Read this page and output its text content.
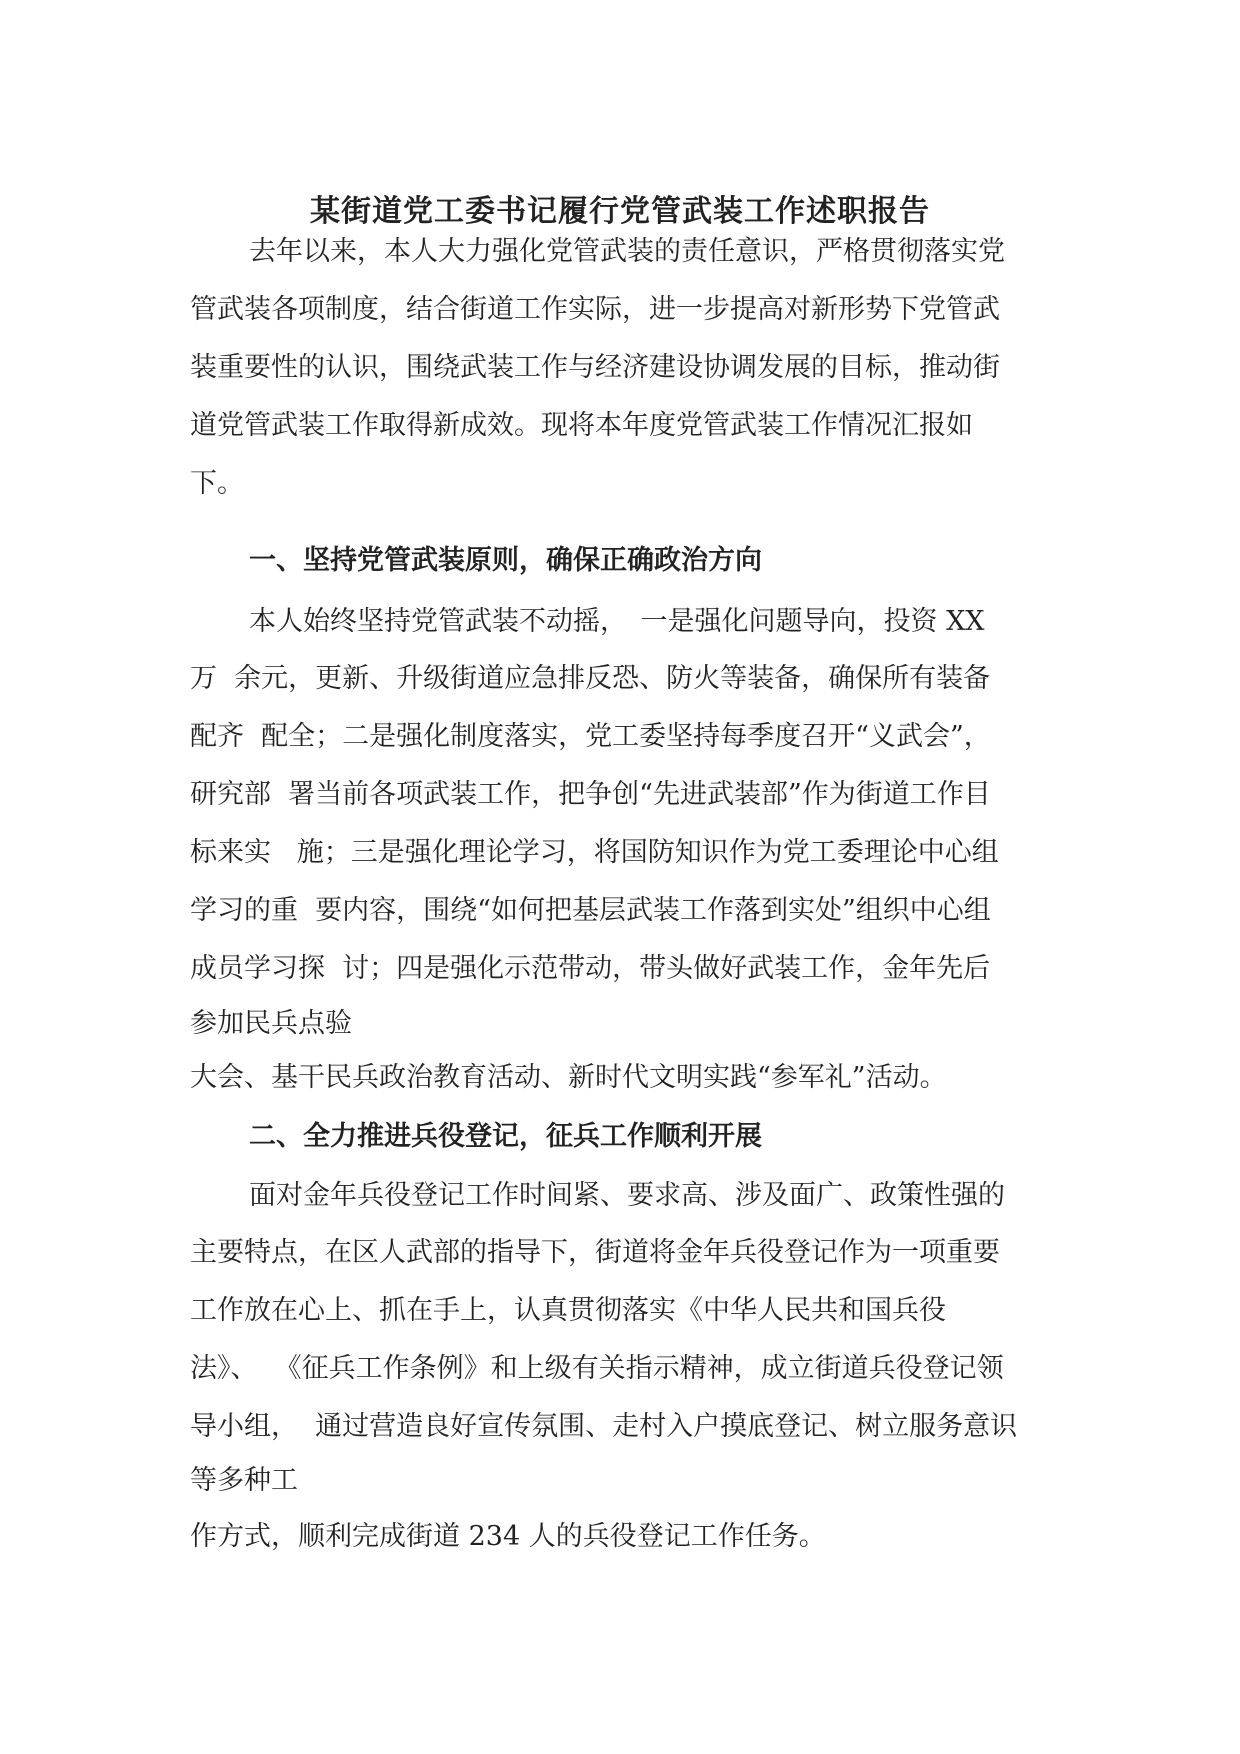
某街道党工委书记履行党管武装工作述职报告
去年以来，本人大力强化党管武装的责任意识，严格贯彻落实党
管武装各项制度，结合街道工作实际，进一步提高对新形势下党管武
装重要性的认识，围绕武装工作与经济建设协调发展的目标，推动街
道党管武装工作取得新成效。现将本年度党管武装工作情况汇报如
下。
一、坚持党管武装原则，确保正确政治方向
本人始终坚持党管武装不动摇，　一是强化问题导向，投资 XX
万  余元，更新、升级街道应急排反恐、防火等装备，确保所有装备
配齐  配全；二是强化制度落实，党工委坚持每季度召开“义武会”，
研究部  署当前各项武装工作，把争创“先进武装部”作为街道工作目
标来实   施；三是强化理论学习，将国防知识作为党工委理论中心组
学习的重  要内容，围绕“如何把基层武装工作落到实处”组织中心组
成员学习探  讨；四是强化示范带动，带头做好武装工作，金年先后
参加民兵点验
大会、基干民兵政治教育活动、新时代文明实践“参军礼”活动。
二、全力推进兵役登记，征兵工作顺利开展
面对金年兵役登记工作时间紧、要求高、涉及面广、政策性强的
主要特点，在区人武部的指导下，街道将金年兵役登记作为一项重要
工作放在心上、抓在手上，认真贯彻落实《中华人民共和国兵役
法》、  《征兵工作条例》和上级有关指示精神，成立街道兵役登记领
导小组，  通过营造良好宣传氛围、走村入户摸底登记、树立服务意识
等多种工
作方式，顺利完成街道 234 人的兵役登记工作任务。
